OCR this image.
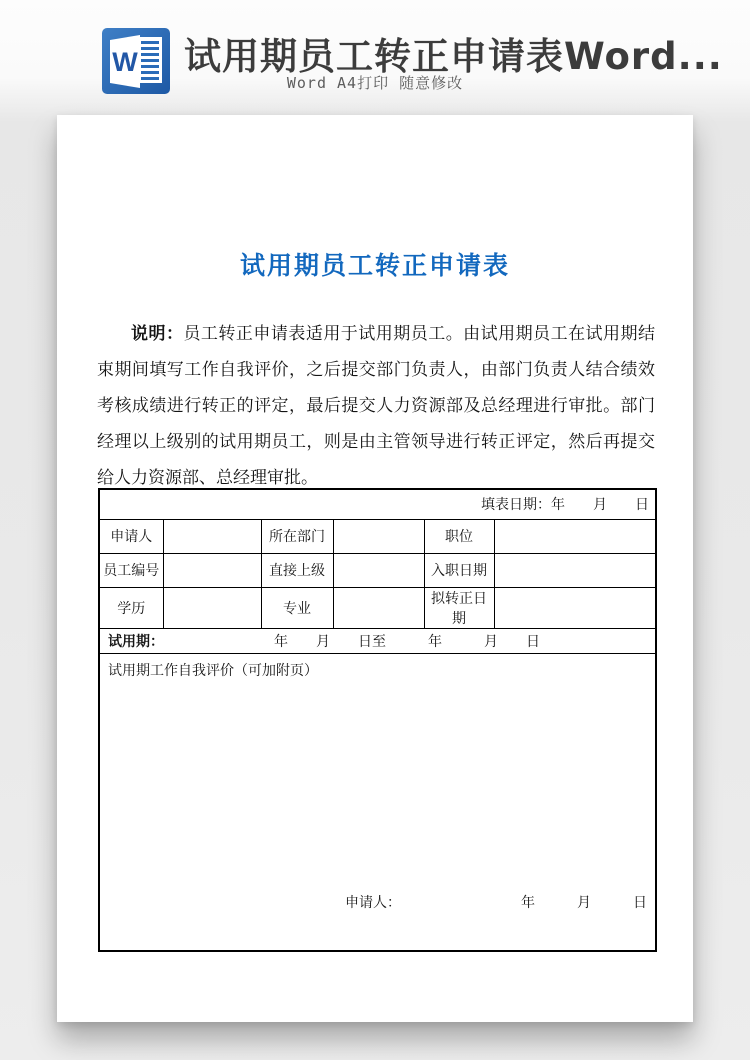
W 试用期员工转正申请表Word...
Word A4打印 随意修改
试用期员工转正申请表

说明：员工转正申请表适用于试用期员工。由试用期员工在试用期结束期间填写工作自我评价，之后提交部门负责人，由部门负责人结合绩效考核成绩进行转正的评定，最后提交人力资源部及总经理进行审批。部门经理以上级别的试用期员工，则是由主管领导进行转正评定，然后再提交给人力资源部、总经理审批。

填表日期：年　　月　　日					
申请人		所在部门		职位	
员工编号		直接上级		入职日期	
学历		专业		拟转正日期	
试用期： 年　　月　　日至　　　年　　　月　　日					

试用期工作自我评价（可加附页）
申请人： 年　　　月　　　日					
